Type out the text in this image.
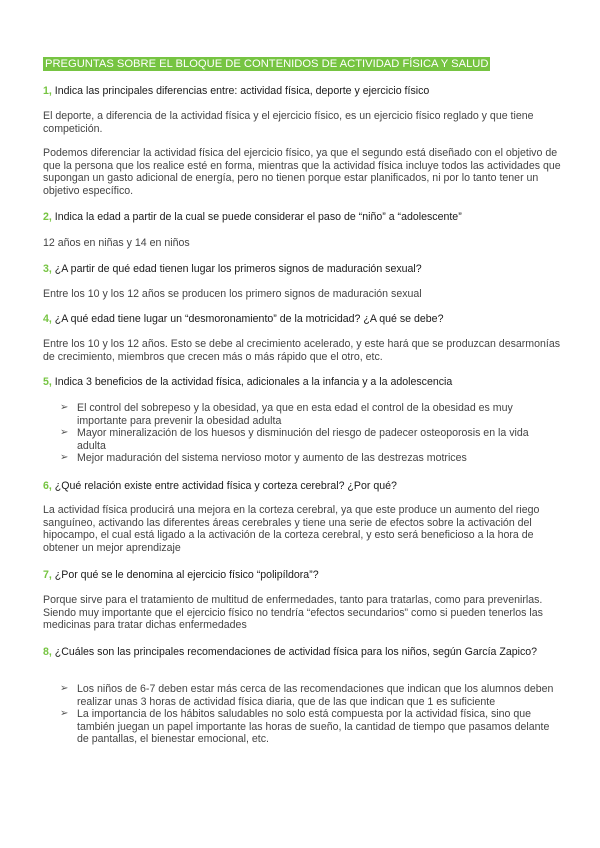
PREGUNTAS SOBRE EL BLOQUE DE CONTENIDOS DE ACTIVIDAD FÍSICA Y SALUD
1, Indica las principales diferencias entre: actividad física, deporte y ejercicio físico

El deporte, a diferencia de la actividad física y el ejercicio físico, es un ejercicio físico reglado y que tiene competición.

Podemos diferenciar la actividad física del ejercicio físico, ya que el segundo está diseñado con el objetivo de que la persona que los realice esté en forma, mientras que la actividad física incluye todos las actividades que supongan un gasto adicional de energía, pero no tienen porque estar planificados, ni por lo tanto tener un objetivo específico.

2, Indica la edad a partir de la cual se puede considerar el paso de “niño” a “adolescente”

12 años en niñas y 14 en niños

3, ¿A partir de qué edad tienen lugar los primeros signos de maduración sexual?

Entre los 10 y los 12 años se producen los primero signos de maduración sexual

4, ¿A qué edad tiene lugar un “desmoronamiento” de la motricidad? ¿A qué se debe?

Entre los 10 y los 12 años. Esto se debe al crecimiento acelerado, y este hará que se produzcan desarmonías de crecimiento, miembros que crecen más o más rápido que el otro, etc.

5, Indica 3 beneficios de la actividad física, adicionales a la infancia y a la adolescencia
➢ El control del sobrepeso y la obesidad, ya que en esta edad el control de la obesidad es muy importante para prevenir la obesidad adulta
➢ Mayor mineralización de los huesos y disminución del riesgo de padecer osteoporosis en la vida adulta
➢ Mejor maduración del sistema nervioso motor y aumento de las destrezas motrices
6, ¿Qué relación existe entre actividad física y corteza cerebral? ¿Por qué?

La actividad física producirá una mejora en la corteza cerebral, ya que este produce un aumento del riego sanguíneo, activando las diferentes áreas cerebrales y tiene una serie de efectos sobre la activación del hipocampo, el cual está ligado a la activación de la corteza cerebral, y esto será beneficioso a la hora de obtener un mejor aprendizaje

7, ¿Por qué se le denomina al ejercicio físico “polipíldora”?

Porque sirve para el tratamiento de multitud de enfermedades, tanto para tratarlas, como para prevenirlas. Siendo muy importante que el ejercicio físico no tendría “efectos secundarios” como si pueden tenerlos las medicinas para tratar dichas enfermedades

8, ¿Cuáles son las principales recomendaciones de actividad física para los niños, según García Zapico?
➢ Los niños de 6-7 deben estar más cerca de las recomendaciones que indican que los alumnos deben realizar unas 3 horas de actividad física diaria, que de las que indican que 1 es suficiente
➢ La importancia de los hábitos saludables no solo está compuesta por la actividad física, sino que también juegan un papel importante las horas de sueño, la cantidad de tiempo que pasamos delante de pantallas, el bienestar emocional, etc.
